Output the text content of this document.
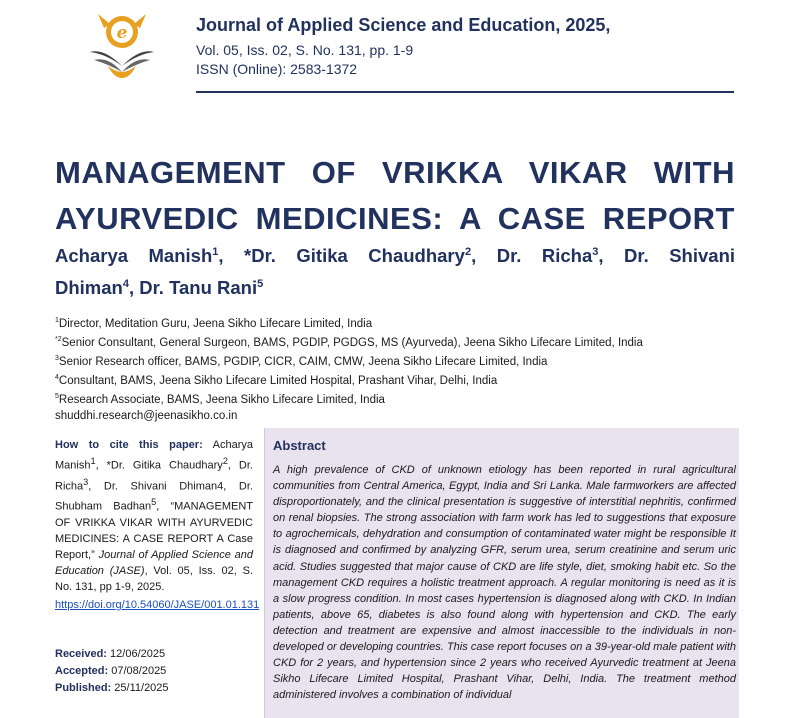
e	Journal of Applied Science and Education, 2025,
Vol. 05, Iss. 02, S. No. 131, pp. 1-9
ISSN (Online): 2583-1372
MANAGEMENT OF VRIKKA VIKAR WITH
AYURVEDIC MEDICINES: A CASE REPORT
Acharya Manish$^1$, *Dr. Gitika Chaudhary$^2$, Dr. Richa$^3$, Dr. Shivani
Dhiman$^4$, Dr. Tanu Rani$^5$
$^1$Director, Meditation Guru, Jeena Sikho Lifecare Limited, India
$^{*2}$Senior Consultant, General Surgeon, BAMS, PGDIP, PGDGS, MS (Ayurveda), Jeena Sikho Lifecare Limited, India
$^3$Senior Research officer, BAMS, PGDIP, CICR, CAIM, CMW, Jeena Sikho Lifecare Limited, India
$^4$Consultant, BAMS, Jeena Sikho Lifecare Limited Hospital, Prashant Vihar, Delhi, India
$^5$Research Associate, BAMS, Jeena Sikho Lifecare Limited, India
shuddhi.research@jeenasikho.co.in
How to cite this paper: Acharya Manish$^1$, *Dr. Gitika Chaudhary$^2$, Dr. Richa$^3$, Dr. Shivani Dhiman4, Dr. Shubham Badhan$^5$, “MANAGEMENT OF VRIKKA VIKAR WITH AYURVEDIC MEDICINES: A CASE REPORT A Case Report,” Journal of Applied Science and Education (JASE), Vol. 05, Iss. 02, S. No. 131, pp 1-9, 2025.
https://doi.org/10.54060/JASE/001.01.131
Received: 12/06/2025
Accepted: 07/08/2025
Published: 25/11/2025
Abstract
A high prevalence of CKD of unknown etiology has been reported in rural agricultural communities from Central America, Egypt, India and Sri Lanka. Male farmworkers are affected disproportionately, and the clinical presentation is suggestive of interstitial nephritis, confirmed on renal biopsies. The strong association with farm work has led to suggestions that exposure to agrochemicals, dehydration and consumption of contaminated water might be responsible It is diagnosed and confirmed by analyzing GFR, serum urea, serum creatinine and serum uric acid. Studies suggested that major cause of CKD are life style, diet, smoking habit etc. So the management CKD requires a holistic treatment approach. A regular monitoring is need as it is a slow progress condition. In most cases hypertension is diagnosed along with CKD. In Indian patients, above 65, diabetes is also found along with hypertension and CKD. The early detection and treatment are expensive and almost inaccessible to the individuals in non-developed or developing countries. This case report focuses on a 39-year-old male patient with CKD for 2 years, and hypertension since 2 years who received Ayurvedic treatment at Jeena Sikho Lifecare Limited Hospital, Prashant Vihar, Delhi, India. The treatment method administered involves a combination of individual
